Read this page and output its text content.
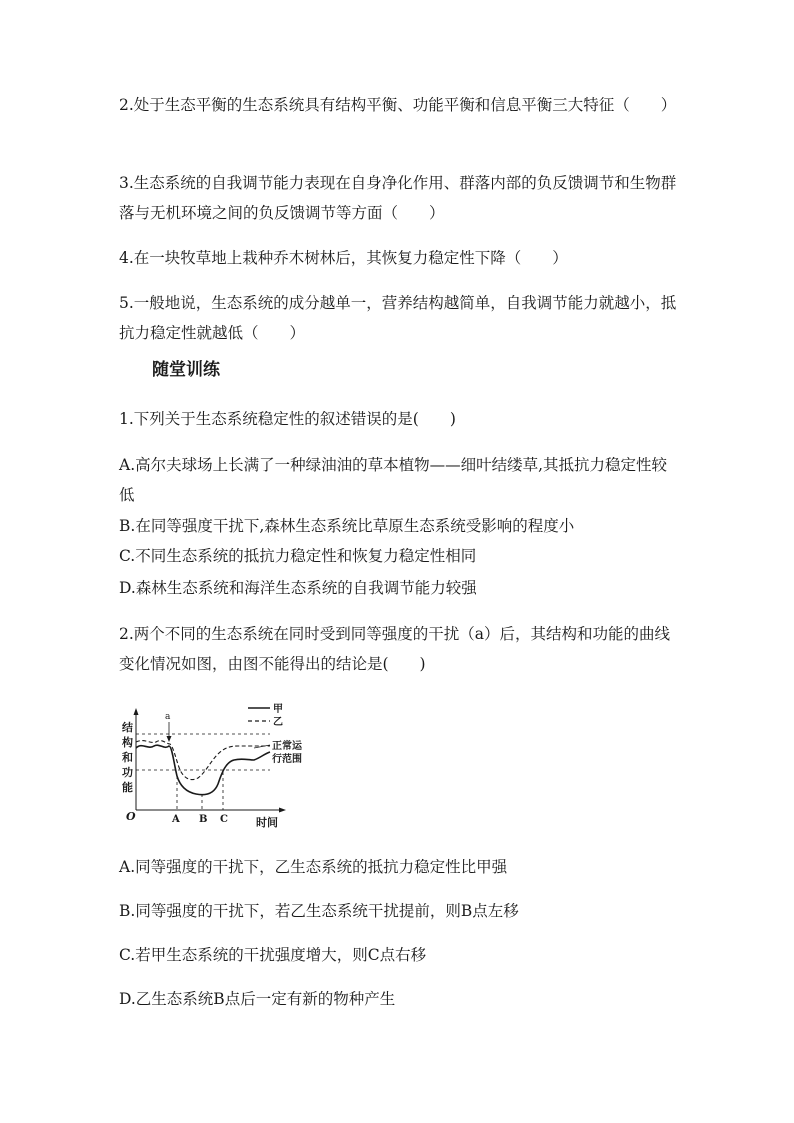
2.处于生态平衡的生态系统具有结构平衡、功能平衡和信息平衡三大特征（　　）

3.生态系统的自我调节能力表现在自身净化作用、群落内部的负反馈调节和生物群落与无机环境之间的负反馈调节等方面（　　）

4.在一块牧草地上栽种乔木树林后，其恢复力稳定性下降（　　）

5.一般地说，生态系统的成分越单一，营养结构越简单，自我调节能力就越小，抵抗力稳定性就越低（　　）

随堂训练

1.下列关于生态系统稳定性的叙述错误的是(　　)

A.高尔夫球场上长满了一种绿油油的草本植物——细叶结缕草,其抵抗力稳定性较低

B.在同等强度干扰下,森林生态系统比草原生态系统受影响的程度小

C.不同生态系统的抵抗力稳定性和恢复力稳定性相同

D.森林生态系统和海洋生态系统的自我调节能力较强

2.两个不同的生态系统在同时受到同等强度的干扰（a）后，其结构和功能的曲线变化情况如图，由图不能得出的结论是(　　)

结
构
和
功
能
O
a
A B C	时间
甲
乙
正常运
行范围

A.同等强度的干扰下，乙生态系统的抵抗力稳定性比甲强

B.同等强度的干扰下，若乙生态系统干扰提前，则B点左移

C.若甲生态系统的干扰强度增大，则C点右移

D.乙生态系统B点后一定有新的物种产生
